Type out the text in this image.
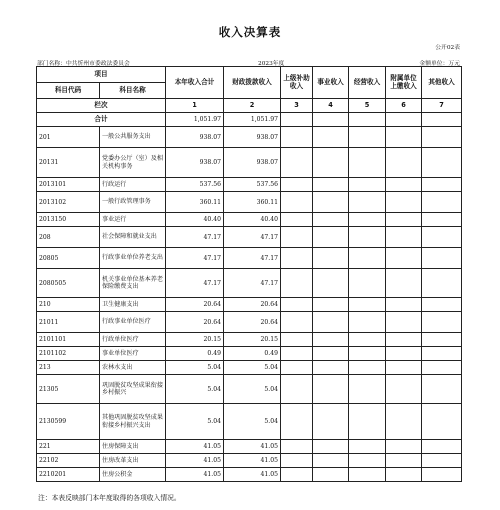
收入决算表
公开02表
部门名称：中共忻州市委政法委员会	2023年度	金额单位：万元
项目		本年收入合计	财政拨款收入	上级补助收入	事业收入	经营收入	附属单位上缴收入	其他收入
科目代码	科目名称							
栏次		1	2	3	4	5	6	7
合计		1,051.97	1,051.97					
201	一般公共服务支出	938.07	938.07					
20131	党委办公厅（室）及相关机构事务	938.07	938.07					
2013101	行政运行	537.56	537.56					
2013102	一般行政管理事务	360.11	360.11					
2013150	事业运行	40.40	40.40					
208	社会保障和就业支出	47.17	47.17					
20805	行政事业单位养老支出	47.17	47.17					
2080505	机关事业单位基本养老保险缴费支出	47.17	47.17					
210	卫生健康支出	20.64	20.64					
21011	行政事业单位医疗	20.64	20.64					
2101101	行政单位医疗	20.15	20.15					
2101102	事业单位医疗	0.49	0.49					
213	农林水支出	5.04	5.04					
21305	巩固脱贫攻坚成果衔接乡村振兴	5.04	5.04					
2130599	其他巩固脱贫攻坚成果衔接乡村振兴支出	5.04	5.04					
221	住房保障支出	41.05	41.05					
22102	住房改革支出	41.05	41.05					
2210201	住房公积金	41.05	41.05					
注：本表反映部门本年度取得的各项收入情况。
